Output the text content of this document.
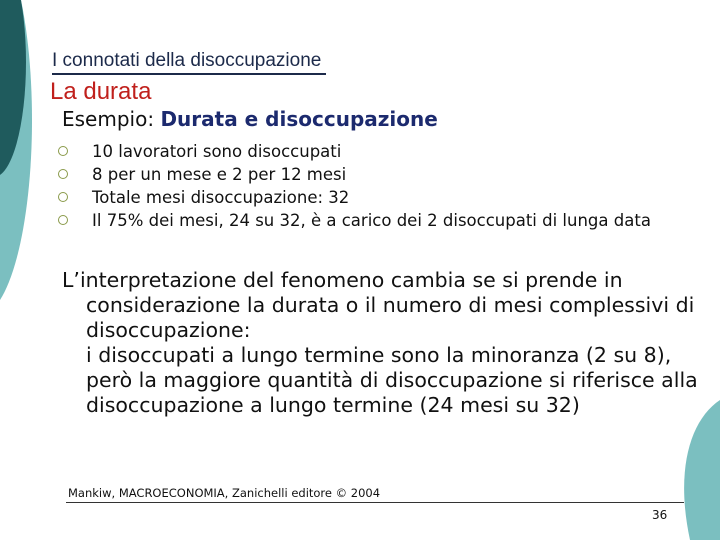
I connotati della disoccupazione
La durata
Esempio: Durata e disoccupazione
10 lavoratori sono disoccupati
8 per un mese e 2 per 12 mesi
Totale mesi disoccupazione: 32
Il 75% dei mesi, 24 su 32, è a carico dei 2 disoccupati di lunga data

L’interpretazione del fenomeno cambia se si prende in considerazione la durata o il numero di mesi complessivi di disoccupazione:

i disoccupati a lungo termine sono la minoranza (2 su 8), però la maggiore quantità di disoccupazione si riferisce alla disoccupazione a lungo termine (24 mesi su 32)

Mankiw, MACROECONOMIA, Zanichelli editore © 2004
36
